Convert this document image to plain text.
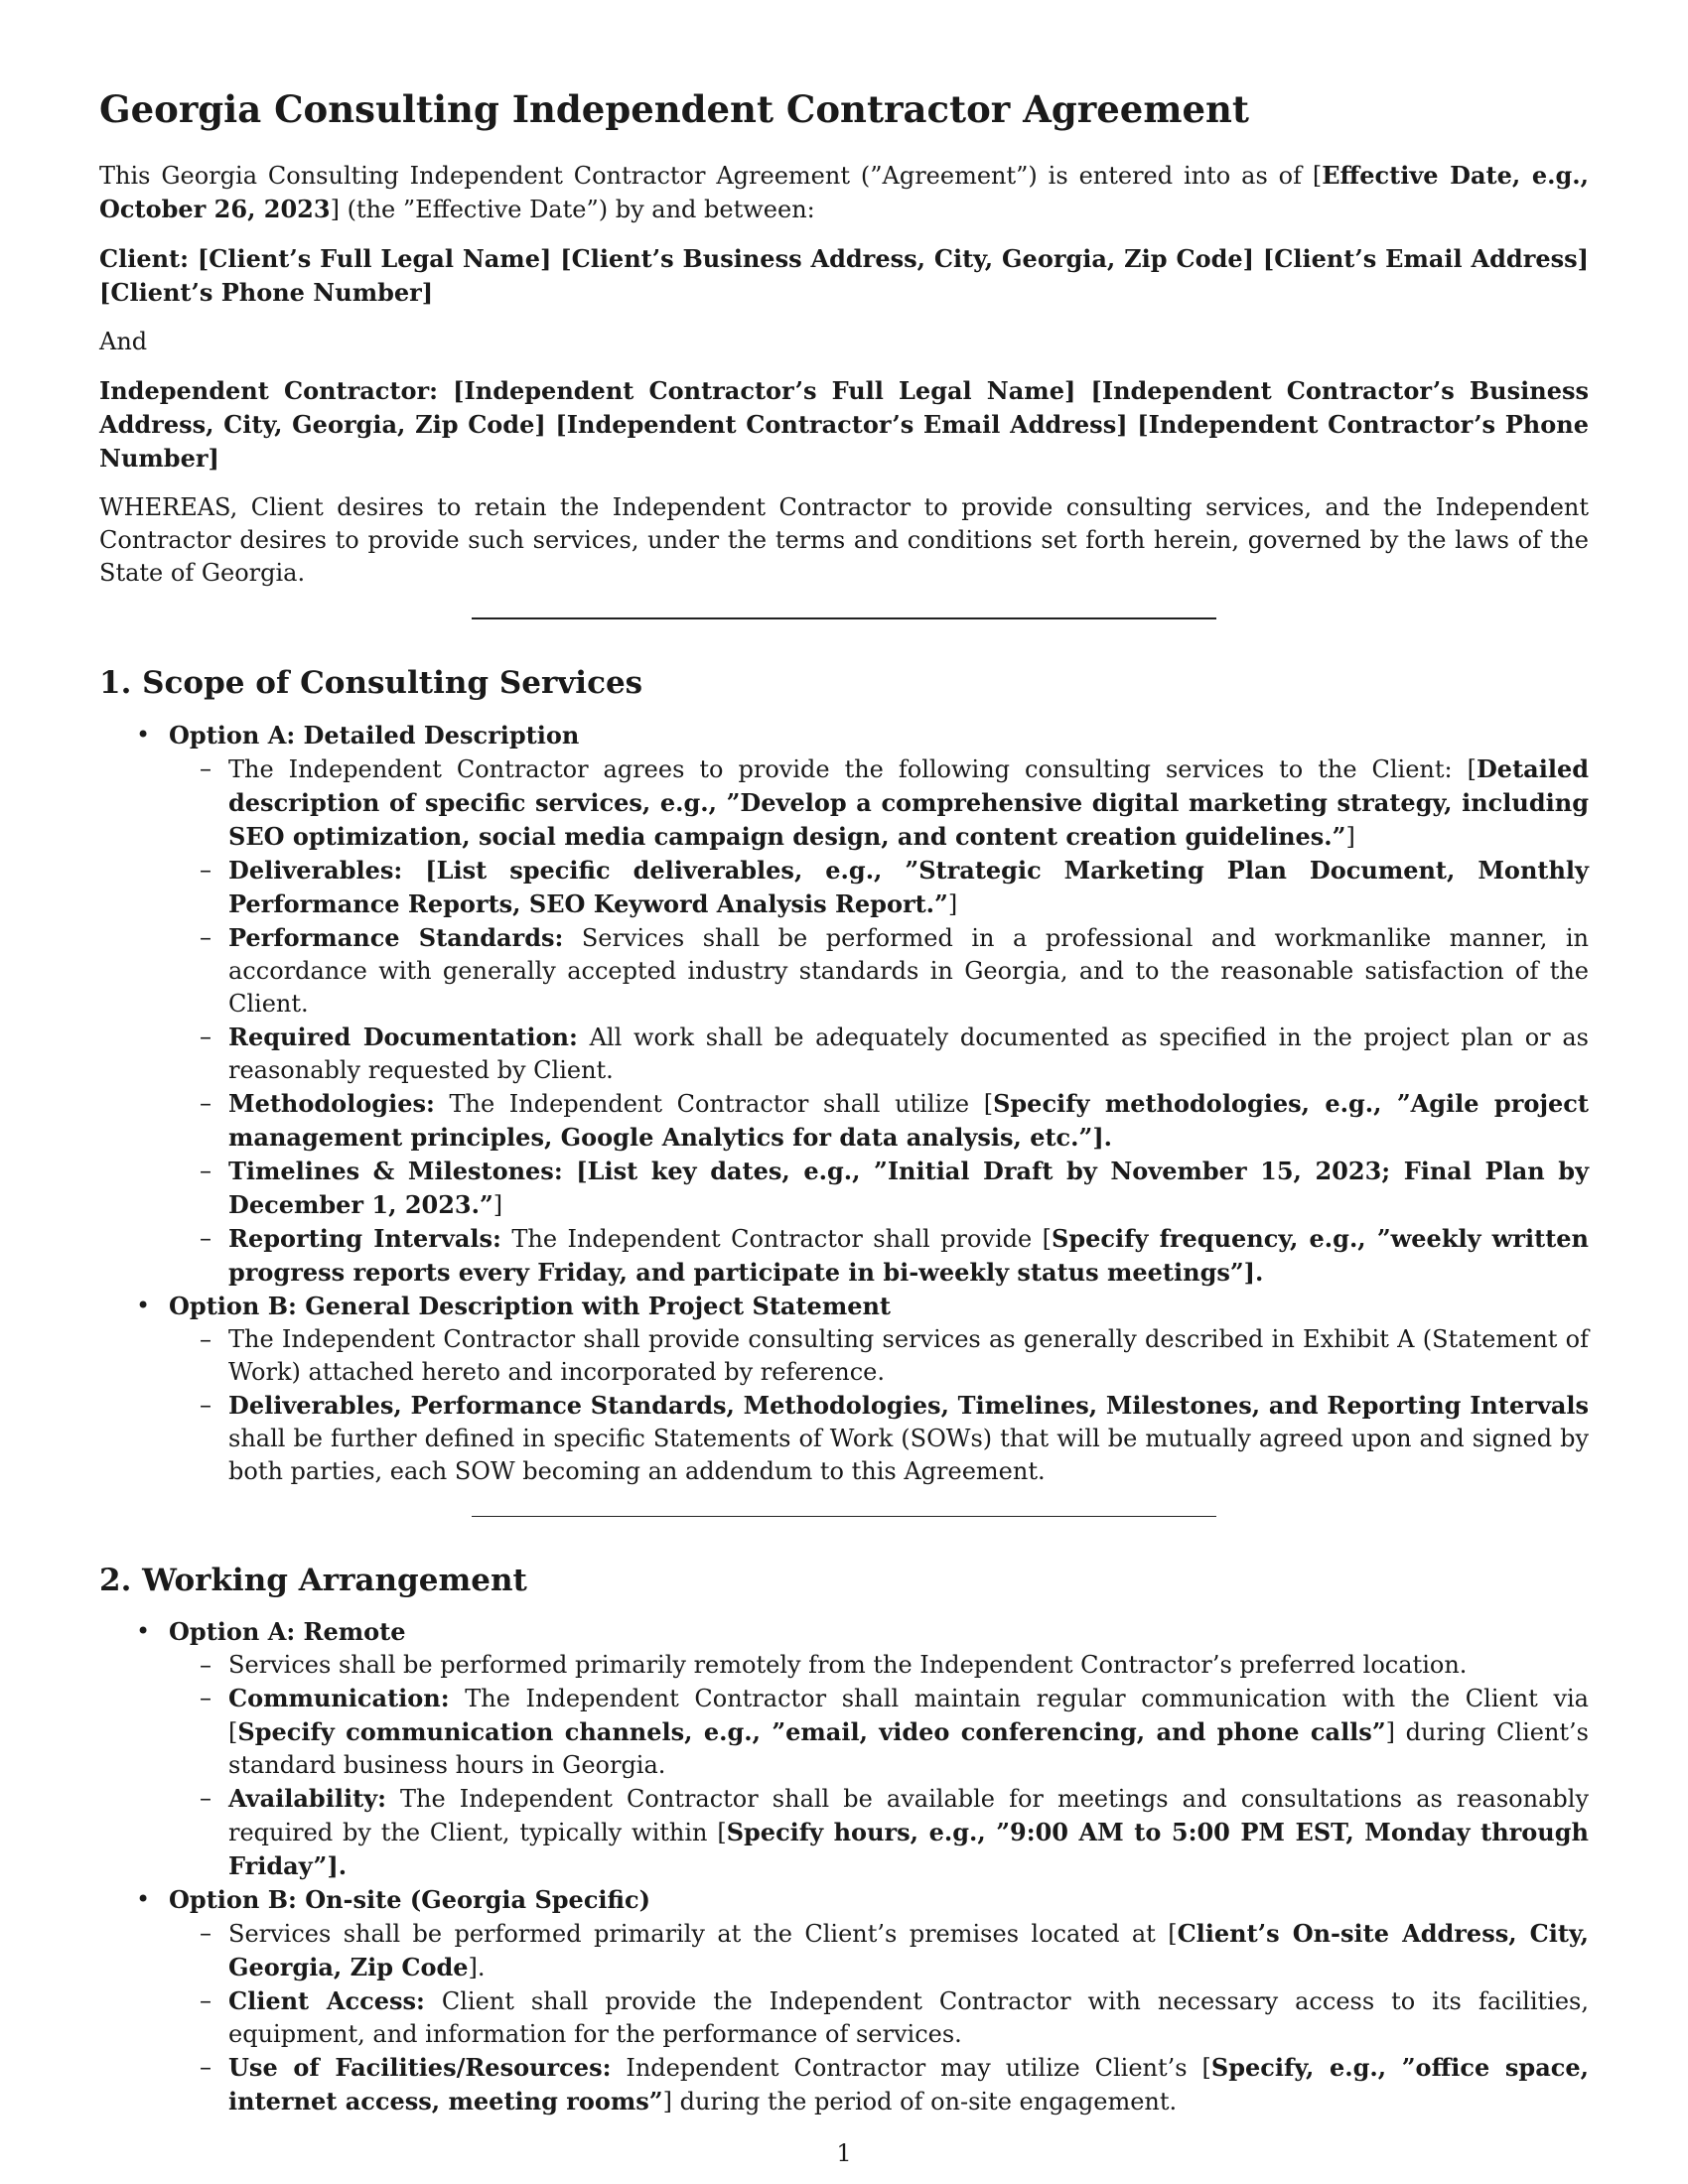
Georgia Consulting Independent Contractor Agreement

This Georgia Consulting Independent Contractor Agreement (”Agreement”) is entered into as of [Effective Date, e.g., October 26, 2023] (the ”Effective Date”) by and between:

Client: [Client’s Full Legal Name] [Client’s Business Address, City, Georgia, Zip Code] [Client’s Email Address] [Client’s Phone Number]

And

Independent Contractor: [Independent Contractor’s Full Legal Name] [Independent Contractor’s Business Address, City, Georgia, Zip Code] [Independent Contractor’s Email Address] [Independent Contractor’s Phone Number]

WHEREAS, Client desires to retain the Independent Contractor to provide consulting services, and the Independent Contractor desires to provide such services, under the terms and conditions set forth herein, governed by the laws of the State of Georgia.

1. Scope of Consulting Services
• Option A: Detailed Description
– The Independent Contractor agrees to provide the following consulting services to the Client: [Detailed description of specific services, e.g., ”Develop a comprehensive digital marketing strategy, including SEO optimization, social media campaign design, and content creation guidelines.”]
– Deliverables: [List specific deliverables, e.g., ”Strategic Marketing Plan Document, Monthly Performance Reports, SEO Keyword Analysis Report.”]
– Performance Standards: Services shall be performed in a professional and workmanlike manner, in accordance with generally accepted industry standards in Georgia, and to the reasonable satisfaction of the Client.
– Required Documentation: All work shall be adequately documented as specified in the project plan or as reasonably requested by Client.
– Methodologies: The Independent Contractor shall utilize [Specify methodologies, e.g., ”Agile project management principles, Google Analytics for data analysis, etc.”].
– Timelines & Milestones: [List key dates, e.g., ”Initial Draft by November 15, 2023; Final Plan by December 1, 2023.”]
– Reporting Intervals: The Independent Contractor shall provide [Specify frequency, e.g., ”weekly written progress reports every Friday, and participate in bi-weekly status meetings”].
• Option B: General Description with Project Statement
– The Independent Contractor shall provide consulting services as generally described in Exhibit A (Statement of Work) attached hereto and incorporated by reference.
– Deliverables, Performance Standards, Methodologies, Timelines, Milestones, and Reporting Intervals shall be further defined in specific Statements of Work (SOWs) that will be mutually agreed upon and signed by both parties, each SOW becoming an addendum to this Agreement.
2. Working Arrangement
• Option A: Remote
– Services shall be performed primarily remotely from the Independent Contractor’s preferred location.
– Communication: The Independent Contractor shall maintain regular communication with the Client via [Specify communication channels, e.g., ”email, video conferencing, and phone calls”] during Client’s standard business hours in Georgia.
– Availability: The Independent Contractor shall be available for meetings and consultations as reasonably required by the Client, typically within [Specify hours, e.g., ”9:00 AM to 5:00 PM EST, Monday through Friday”].
• Option B: On-site (Georgia Specific)
– Services shall be performed primarily at the Client’s premises located at [Client’s On-site Address, City, Georgia, Zip Code].
– Client Access: Client shall provide the Independent Contractor with necessary access to its facilities, equipment, and information for the performance of services.
– Use of Facilities/Resources: Independent Contractor may utilize Client’s [Specify, e.g., ”office space, internet access, meeting rooms”] during the period of on-site engagement.
1
